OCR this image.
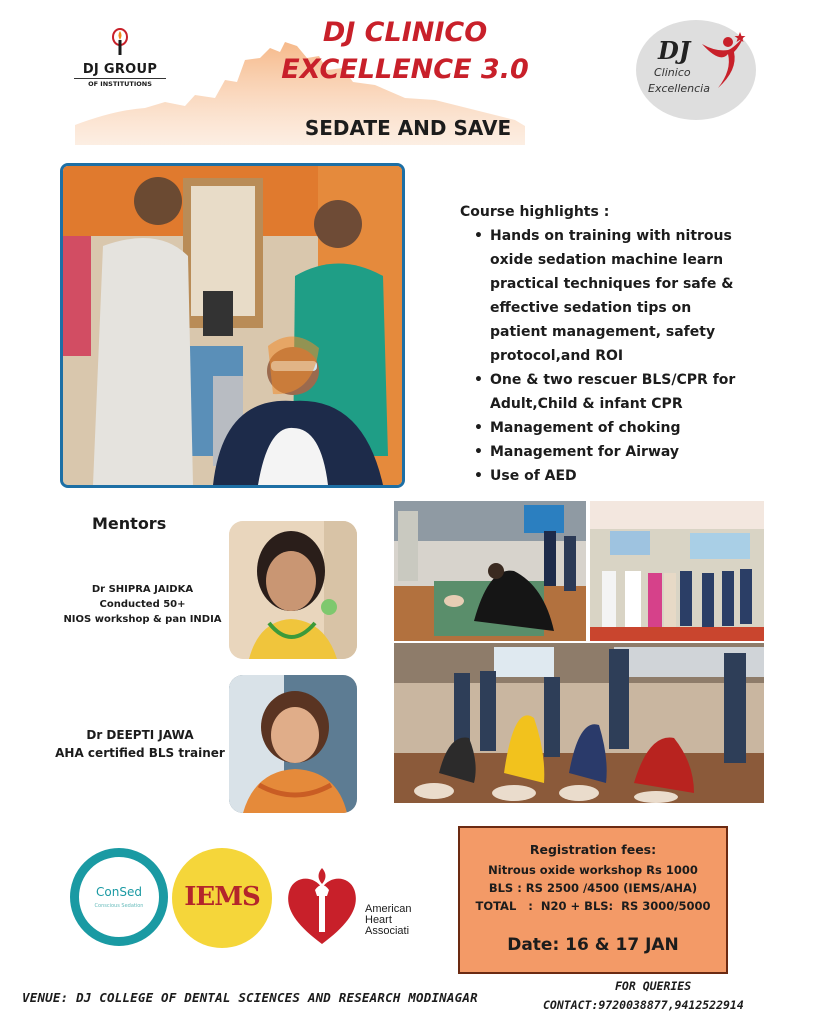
DJ GROUP
OF INSTITUTIONS
DJ CLINICO
EXCELLENCE 3.0
SEDATE AND SAVE
DJ
Clinico
Excellencia
Course highlights :
• Hands on training with nitrous oxide sedation machine learn practical techniques for safe & effective sedation tips on patient management, safety protocol,and ROI
• One & two rescuer BLS/CPR for Adult,Child & infant CPR
• Management of choking
• Management for Airway
• Use of AED
Mentors
Dr SHIPRA JAIDKA
Conducted 50+
NIOS workshop & pan INDIA
Dr DEEPTI JAWA
AHA certified BLS trainer
Registration fees:
Nitrous oxide workshop Rs 1000
BLS : RS 2500 /4500 (IEMS/AHA)
TOTAL   :  N20 + BLS:  RS 3000/5000
Date: 16 & 17 JAN
ConSed
Conscious Sedation	IEMS	American
Heart
Associati
VENUE: DJ COLLEGE OF DENTAL SCIENCES AND RESEARCH MODINAGAR
FOR QUERIES
CONTACT:9720038877,9412522914
